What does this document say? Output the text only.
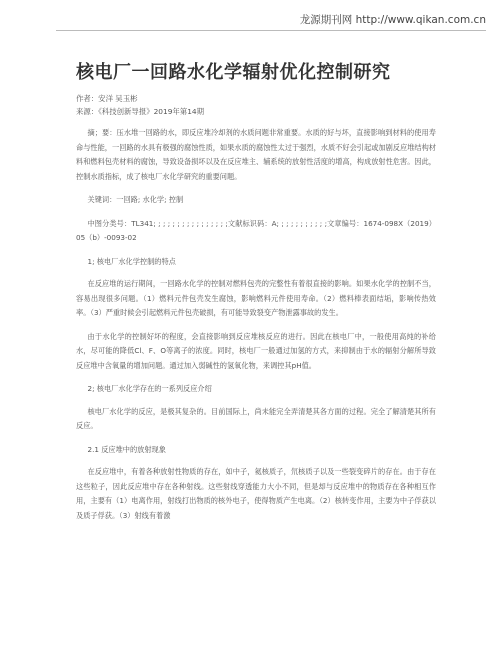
龙源期刊网 http://www.qikan.com.cn
核电厂一回路水化学辐射优化控制研究

作者：安洋 吴玉彬

来源：《科技创新导报》2019年第14期

摘；要：压水堆一回路的水，即反应堆冷却剂的水质问题非常重要。水质的好与坏，直接影响到材料的使用寿命与性能，一回路的水具有极强的腐蚀性质，如果水质的腐蚀性太过于强烈，水质不好会引起或加剧反应堆结构材料和燃料包壳材料的腐蚀，导致设备损坏以及在反应堆主、辅系统的放射性活度的增高，构成放射性危害。因此，控制水质指标，成了核电厂水化学研究的重要问题。

关键词：一回路; 水化学; 控制

中图分类号：TL341; ; ; ; ; ; ; ; ; ; ; ; ; ; ; ;文献标识码：A; ; ; ; ; ; ; ; ; ; ;文章编号：1674-098X（2019）05（b）-0093-02

1; 核电厂水化学控制的特点

在反应堆的运行期间，一回路水化学的控制对燃料包壳的完整性有着很直接的影响。如果水化学的控制不当，容易出现很多问题。（1）燃料元件包壳发生腐蚀，影响燃料元件使用寿命。（2）燃料棒表面结垢，影响传热效率。（3）严重时候会引起燃料元件包壳破损，有可能导致裂变产物泄露事故的发生。

由于水化学的控制好坏的程度，会直接影响到反应堆核反应的进行。因此在核电厂中，一般使用高纯的补给水，尽可能的降低Cl、F、O等离子的浓度。同时，核电厂一般通过加氢的方式，来抑制由于水的辐射分解所导致反应堆中含氧量的增加问题。通过加入弱碱性的氢氧化物，来调控其pH值。

2; 核电厂水化学存在的一系列反应介绍

核电厂水化学的反应，是极其复杂的。目前国际上，尚未能完全弄清楚其各方面的过程。完全了解清楚其所有反应。

2.1 反应堆中的放射现象

在反应堆中，有着各种放射性物质的存在，如中子，氦核质子，氘核质子以及一些裂变碎片的存在。由于存在这些粒子，因此反应堆中存在各种射线。这些射线穿透能力大小不同，但是却与反应堆中的物质存在各种相互作用，主要有（1）电离作用，射线打出物质的核外电子，使得物质产生电离。（2）核转变作用，主要为中子俘获以及质子俘获。（3）射线有着激
